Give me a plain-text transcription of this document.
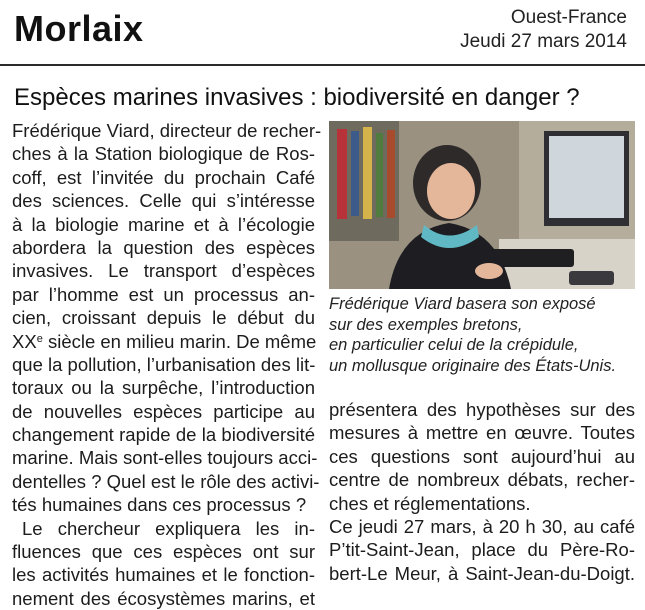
Morlaix	Ouest-France
Jeudi 27 mars 2014
Espèces marines invasives : biodiversité en danger ?
Frédérique Viard, directeur de recher-
ches à la Station biologique de Ros-
coff, est l’invitée du prochain Café
des sciences. Celle qui s’intéresse
à la biologie marine et à l’écologie
abordera la question des espèces
invasives. Le transport d’espèces
par l’homme est un processus an-
cien, croissant depuis le début du
XXe siècle en milieu marin. De même
que la pollution, l’urbanisation des lit-
toraux ou la surpêche, l’introduction
de nouvelles espèces participe au
changement rapide de la biodiversité
marine. Mais sont-elles toujours acci-
dentelles ? Quel est le rôle des activi-
tés humaines dans ces processus ?
Le chercheur expliquera les in-
fluences que ces espèces ont sur
les activités humaines et le fonction-
nement des écosystèmes marins, et
Frédérique Viard basera son exposé
sur des exemples bretons,
en particulier celui de la crépidule,
un mollusque originaire des États-Unis.
présentera des hypothèses sur des
mesures à mettre en œuvre. Toutes
ces questions sont aujourd’hui au
centre de nombreux débats, recher-
ches et réglementations.
Ce jeudi 27 mars, à 20 h 30, au café
P’tit-Saint-Jean, place du Père-Ro-
bert-Le Meur, à Saint-Jean-du-Doigt.
